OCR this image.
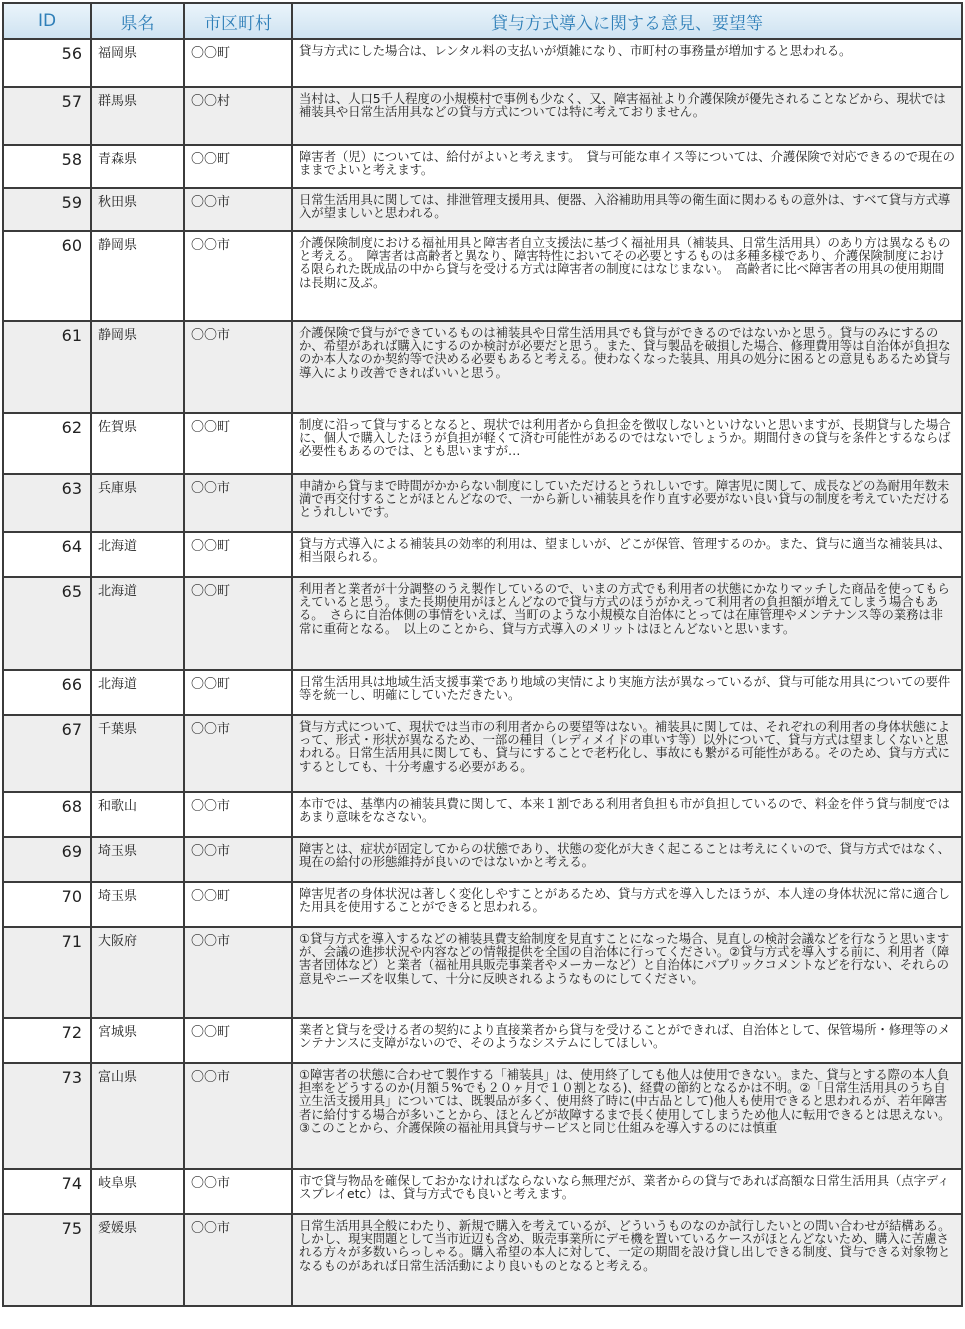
ID	県名	市区町村	貸与方式導入に関する意見、要望等
56	福岡県	〇〇町	貸与方式にした場合は、レンタル料の支払いが煩雑になり、市町村の事務量が増加すると思われる。
57	群馬県	〇〇村	当村は、人口5千人程度の小規模村で事例も少なく、又、障害福祉より介護保険が優先されることなどから、現状では補装具や日常生活用具などの貸与方式については特に考えておりません。
58	青森県	〇〇町	障害者（児）については、給付がよいと考えます。　貸与可能な車イス等については、介護保険で対応できるので現在のままでよいと考えます。
59	秋田県	〇〇市	日常生活用具に関しては、排泄管理支援用具、便器、入浴補助用具等の衛生面に関わるもの意外は、すべて貸与方式導入が望ましいと思われる。
60	静岡県	〇〇市	介護保険制度における福祉用具と障害者自立支援法に基づく福祉用具（補装具、日常生活用具）のあり方は異なるものと考える。　障害者は高齢者と異なり、障害特性においてその必要とするものは多種多様であり、介護保険制度における限られた既成品の中から貸与を受ける方式は障害者の制度にはなじまない。　高齢者に比べ障害者の用具の使用期間は長期に及ぶ。
61	静岡県	〇〇市	介護保険で貸与ができているものは補装具や日常生活用具でも貸与ができるのではないかと思う。貸与のみにするのか、希望があれば購入にするのか検討が必要だと思う。また、貸与製品を破損した場合、修理費用等は自治体が負担なのか本人なのか契約等で決める必要もあると考える。使わなくなった装具、用具の処分に困るとの意見もあるため貸与導入により改善できればいいと思う。
62	佐賀県	〇〇町	制度に沿って貸与するとなると、現状では利用者から負担金を徴収しないといけないと思いますが、長期貸与した場合に、個人で購入したほうが負担が軽くて済む可能性があるのではないでしょうか。期間付きの貸与を条件とするならば必要性もあるのでは、とも思いますが…
63	兵庫県	〇〇市	申請から貸与まで時間がかからない制度にしていただけるとうれしいです。障害児に関して、成長などの為耐用年数未満で再交付することがほとんどなので、一から新しい補装具を作り直す必要がない良い貸与の制度を考えていただけるとうれしいです。
64	北海道	〇〇町	貸与方式導入による補装具の効率的利用は、望ましいが、どこが保管、管理するのか。また、貸与に適当な補装具は、相当限られる。
65	北海道	〇〇町	利用者と業者が十分調整のうえ製作しているので、いまの方式でも利用者の状態にかなりマッチした商品を使ってもらえていると思う。また長期使用がほとんどなので貸与方式のほうがかえって利用者の負担額が増えてしまう場合もある。　さらに自治体側の事情をいえば、当町のような小規模な自治体にとっては在庫管理やメンテナンス等の業務は非常に重荷となる。　以上のことから、貸与方式導入のメリットはほとんどないと思います。
66	北海道	〇〇町	日常生活用具は地域生活支援事業であり地域の実情により実施方法が異なっているが、貸与可能な用具についての要件等を統一し、明確にしていただきたい。
67	千葉県	〇〇市	貸与方式について、現状では当市の利用者からの要望等はない。補装具に関しては、それぞれの利用者の身体状態によって、形式・形状が異なるため、一部の種目（レディメイドの車いす等）以外について、貸与方式は望ましくないと思われる。日常生活用具に関しても、貸与にすることで老朽化し、事故にも繋がる可能性がある。そのため、貸与方式にするとしても、十分考慮する必要がある。
68	和歌山	〇〇市	本市では、基準内の補装具費に関して、本来１割である利用者負担も市が負担しているので、料金を伴う貸与制度ではあまり意味をなさない。
69	埼玉県	〇〇市	障害とは、症状が固定してからの状態であり、状態の変化が大きく起こることは考えにくいので、貸与方式ではなく、現在の給付の形態維持が良いのではないかと考える。
70	埼玉県	〇〇町	障害児者の身体状況は著しく変化しやすことがあるため、貸与方式を導入したほうが、本人達の身体状況に常に適合した用具を使用することができると思われる。
71	大阪府	〇〇市	①貸与方式を導入するなどの補装具費支給制度を見直すことになった場合、見直しの検討会議などを行なうと思いますが、会議の進捗状況や内容などの情報提供を全国の自治体に行ってください。②貸与方式を導入する前に、利用者（障害者団体など）と業者（福祉用具販売事業者やメーカーなど）と自治体にパブリックコメントなどを行ない、それらの意見やニーズを収集して、十分に反映されるようなものにしてください。
72	宮城県	〇〇町	業者と貸与を受ける者の契約により直接業者から貸与を受けることができれば、自治体として、保管場所・修理等のメンテナンスに支障がないので、そのようなシステムにしてほしい。
73	富山県	〇〇市	①障害者の状態に合わせて製作する「補装具」は、使用終了しても他人は使用できない。また、貸与とする際の本人負担率をどうするのか(月額５%でも２０ヶ月で１０割となる)、経費の節約となるかは不明。②「日常生活用具のうち自立生活支援用具」については、既製品が多く、使用終了時に(中古品として)他人も使用できると思われるが、若年障害者に給付する場合が多いことから、ほとんどが故障するまで長く使用してしまうため他人に転用できるとは思えない。③このことから、介護保険の福祉用具貸与サービスと同じ仕組みを導入するのには慎重
74	岐阜県	〇〇市	市で貸与物品を確保しておかなければならないなら無理だが、業者からの貸与であれば高額な日常生活用具（点字ディスプレイetc）は、貸与方式でも良いと考えます。
75	愛媛県	〇〇市	日常生活用具全般にわたり、新規で購入を考えているが、どういうものなのか試行したいとの問い合わせが結構ある。しかし、現実問題として当市近辺も含め、販売事業所にデモ機を置いているケースがほとんどないため、購入に苦慮される方々が多数いらっしゃる。購入希望の本人に対して、一定の期間を設け貸し出しできる制度、貸与できる対象物となるものがあれば日常生活活動により良いものとなると考える。
